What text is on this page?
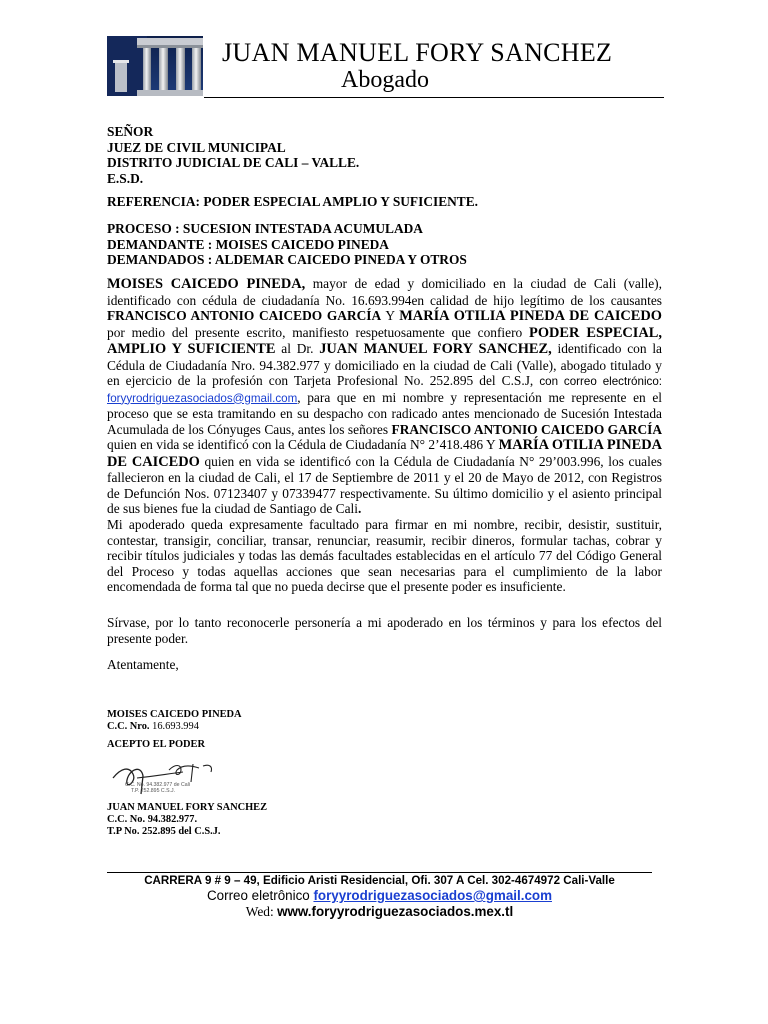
JUAN MANUEL FORY SANCHEZ
Abogado

SEÑOR

JUEZ DE CIVIL MUNICIPAL

DISTRITO JUDICIAL DE CALI – VALLE.

E.S.D.

REFERENCIA: PODER ESPECIAL AMPLIO Y SUFICIENTE.

PROCESO : SUCESION INTESTADA ACUMULADA

DEMANDANTE : MOISES CAICEDO PINEDA

DEMANDADOS : ALDEMAR CAICEDO PINEDA Y OTROS

MOISES CAICEDO PINEDA, mayor de edad y domiciliado en la ciudad de Cali (valle), identificado con cédula de ciudadanía No. 16.693.994en calidad de hijo legítimo de los causantes FRANCISCO ANTONIO CAICEDO GARCÍA Y MARÍA OTILIA PINEDA DE CAICEDO por medio del presente escrito, manifiesto respetuosamente que confiero PODER ESPECIAL, AMPLIO Y SUFICIENTE al Dr. JUAN MANUEL FORY SANCHEZ, identificado con la Cédula de Ciudadanía Nro. 94.382.977 y domiciliado en la ciudad de Cali (Valle), abogado titulado y en ejercicio de la profesión con Tarjeta Profesional No. 252.895 del C.S.J, con correo electrónico: foryyrodriguezasociados@gmail.com, para que en mi nombre y representación me represente en el proceso que se esta tramitando en su despacho con radicado antes mencionado de Sucesión Intestada Acumulada de los Cónyuges Caus, antes los señores FRANCISCO ANTONIO CAICEDO GARCÍA quien en vida se identificó con la Cédula de Ciudadanía N° 2’418.486 Y MARÍA OTILIA PINEDA DE CAICEDO quien en vida se identificó con la Cédula de Ciudadanía N° 29’003.996, los cuales fallecieron en la ciudad de Cali, el 17 de Septiembre de 2011 y el 20 de Mayo de 2012, con Registros de Defunción Nos. 07123407 y 07339477 respectivamente. Su último domicilio y el asiento principal de sus bienes fue la ciudad de Santiago de Cali.

Mi apoderado queda expresamente facultado para firmar en mi nombre, recibir, desistir, sustituir, contestar, transigir, conciliar, transar, renunciar, reasumir, recibir dineros, formular tachas, cobrar y recibir títulos judiciales y todas las demás facultades establecidas en el artículo 77 del Código General del Proceso y todas aquellas acciones que sean necesarias para el cumplimiento de la labor encomendada de forma tal que no pueda decirse que el presente poder es insuficiente.
Sírvase, por lo tanto reconocerle personería a mi apoderado en los términos y para los efectos del presente poder.
Atentamente,
MOISES CAICEDO PINEDA
C.C. Nro. 16.693.994
ACEPTO EL PODER
C.C. No. 94.382.977 de Cali
T.P. 252.895 C.S.J.
JUAN MANUEL FORY SANCHEZ
C.C. No. 94.382.977.
T.P No. 252.895 del C.S.J.
CARRERA 9 # 9 – 49, Edificio Aristi Residencial, Ofi. 307 A Cel. 302-4674972 Cali-Valle
Correo eletrônico foryyrodriguezasociados@gmail.com
Wed: www.foryyrodriguezasociados.mex.tl
